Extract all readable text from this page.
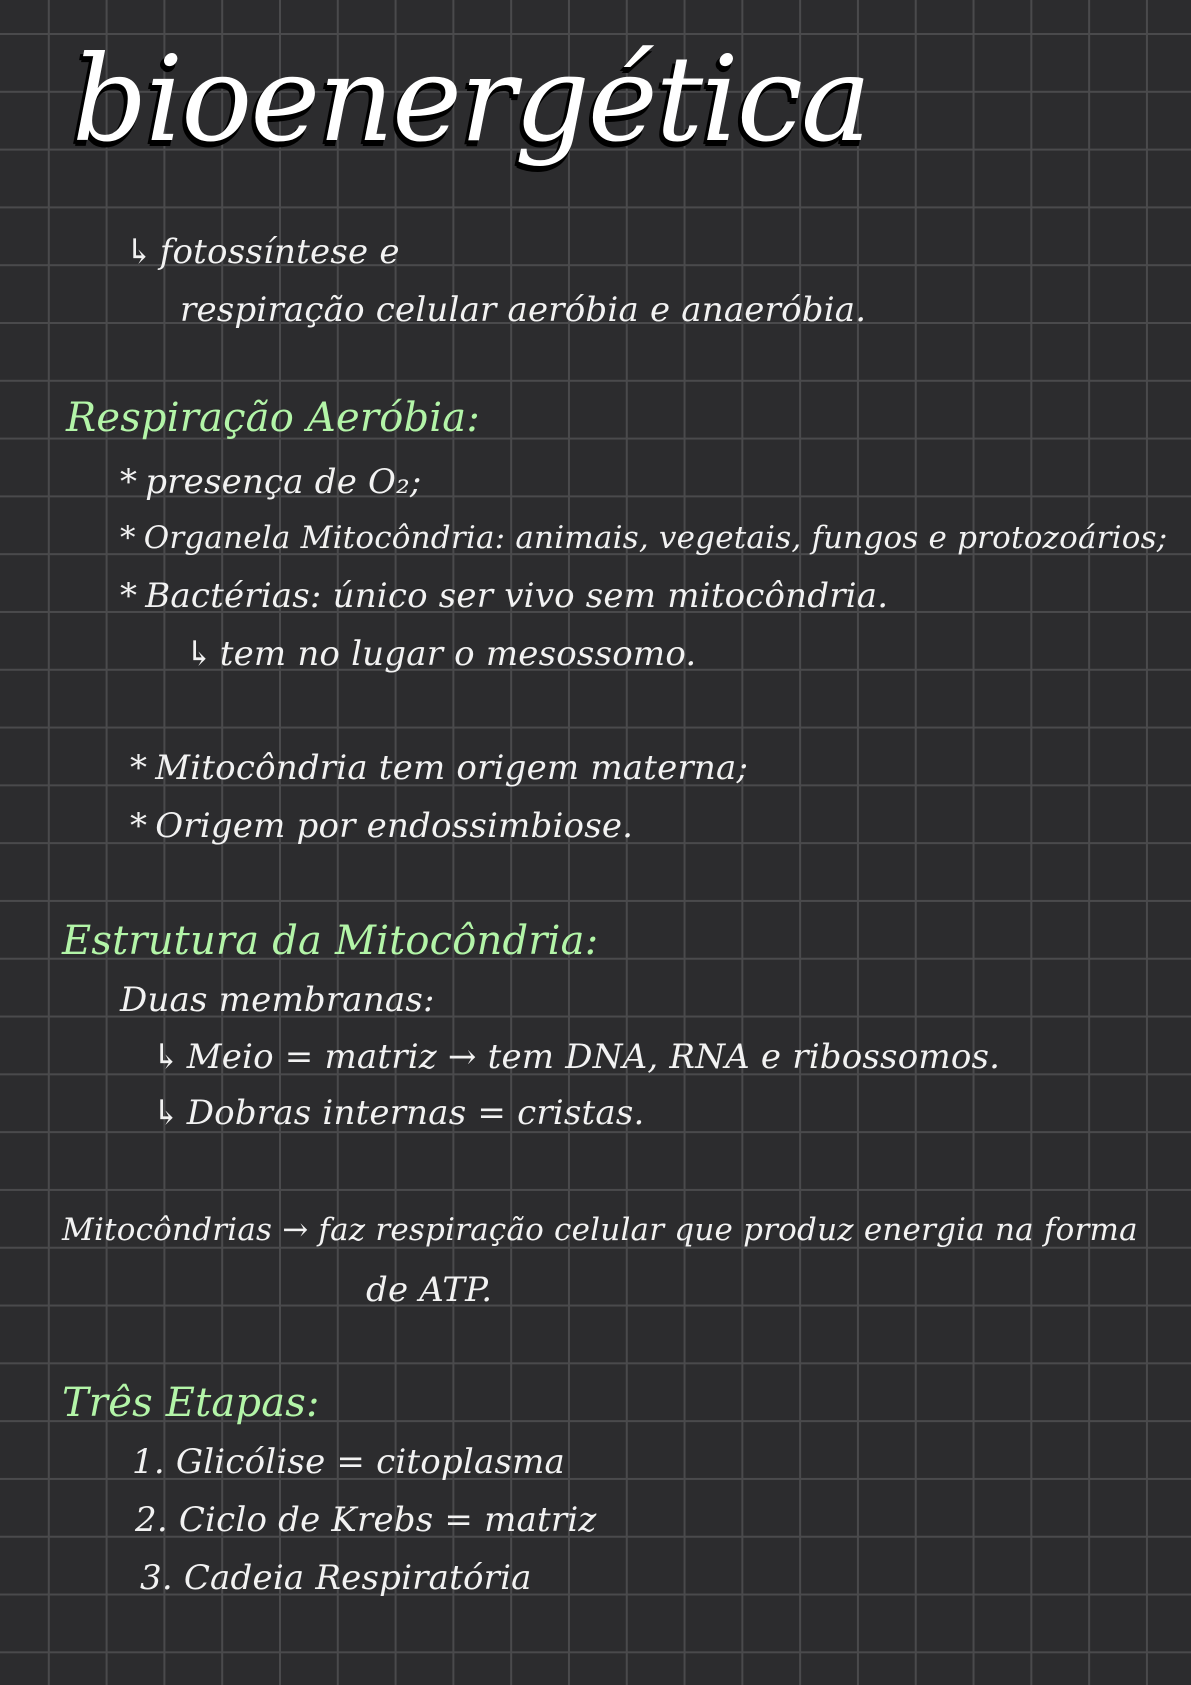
bioenergética
↳ fotossíntese e
respiração celular aeróbia e anaeróbia.
Respiração Aeróbia:
* presença de O₂;
* Organela Mitocôndria: animais, vegetais, fungos e protozoários;
* Bactérias: único ser vivo sem mitocôndria.
↳ tem no lugar o mesossomo.
* Mitocôndria tem origem materna;
* Origem por endossimbiose.
Estrutura da Mitocôndria:
Duas membranas:
↳ Meio = matriz → tem DNA, RNA e ribossomos.
↳ Dobras internas = cristas.
Mitocôndrias → faz respiração celular que produz energia na forma
de ATP.
Três Etapas:
1. Glicólise = citoplasma
2. Ciclo de Krebs = matriz
3. Cadeia Respiratória
